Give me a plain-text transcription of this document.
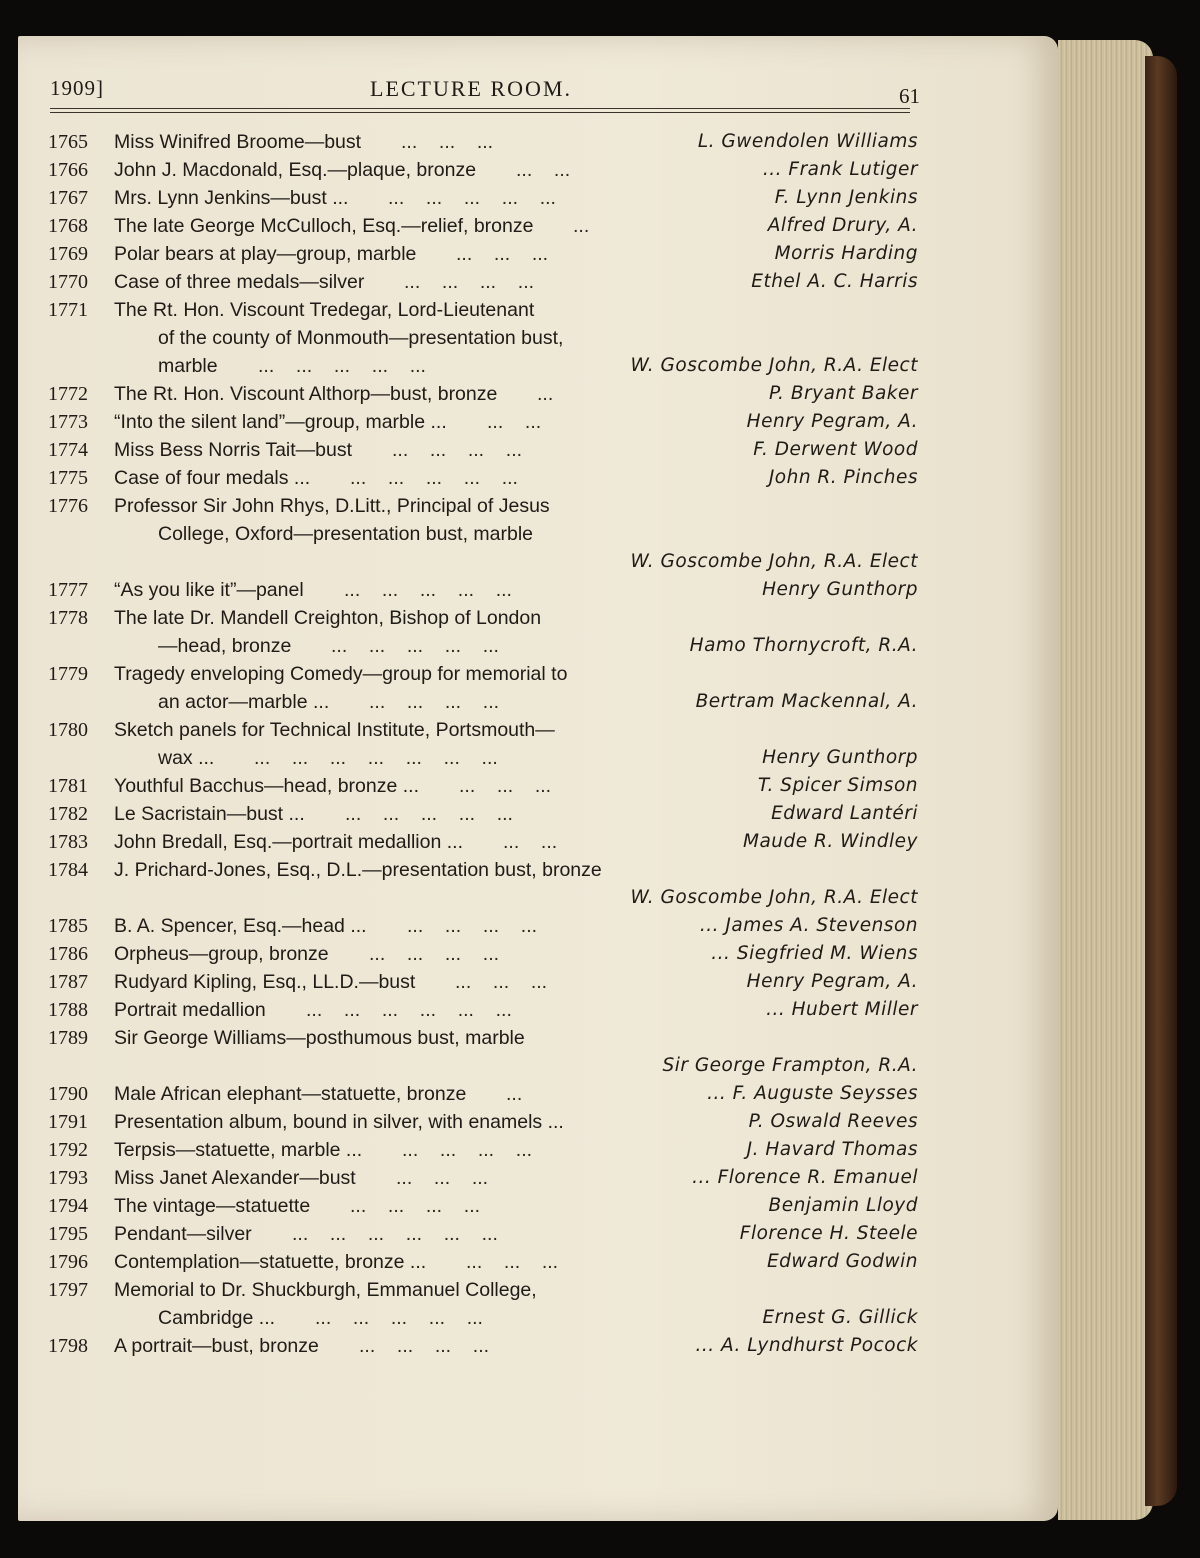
1909]	LECTURE ROOM.	61
1765	Miss Winifred Broome—bust ...    ...    ...	L. Gwendolen Williams
1766	John J. Macdonald, Esq.—plaque, bronze ...    ...	... Frank Lutiger
1767	Mrs. Lynn Jenkins—bust ... ...    ...    ...    ...    ...	F. Lynn Jenkins
1768	The late George McCulloch, Esq.—relief, bronze ...	Alfred Drury, A.
1769	Polar bears at play—group, marble ...    ...    ...	Morris Harding
1770	Case of three medals—silver ...    ...    ...    ...	Ethel A. C. Harris
1771	The Rt. Hon. Viscount Tredegar, Lord-Lieutenant
of the county of Monmouth—presentation bust,
marble ...    ...    ...    ...    ...	W. Goscombe John, R.A. Elect
1772	The Rt. Hon. Viscount Althorp—bust, bronze ...	P. Bryant Baker
1773	“Into the silent land”—group, marble ... ...    ...	Henry Pegram, A.
1774	Miss Bess Norris Tait—bust ...    ...    ...    ...	F. Derwent Wood
1775	Case of four medals ... ...    ...    ...    ...    ...	John R. Pinches
1776	Professor Sir John Rhys, D.Litt., Principal of Jesus
College, Oxford—presentation bust, marble
W. Goscombe John, R.A. Elect
1777	“As you like it”—panel ...    ...    ...    ...    ...	Henry Gunthorp
1778	The late Dr. Mandell Creighton, Bishop of London
—head, bronze ...    ...    ...    ...    ...	Hamo Thornycroft, R.A.
1779	Tragedy enveloping Comedy—group for memorial to
an actor—marble ... ...    ...    ...    ...	Bertram Mackennal, A.
1780	Sketch panels for Technical Institute, Portsmouth—
wax ... ...    ...    ...    ...    ...    ...    ...	Henry Gunthorp
1781	Youthful Bacchus—head, bronze ... ...    ...    ...	T. Spicer Simson
1782	Le Sacristain—bust ... ...    ...    ...    ...    ...	Edward Lantéri
1783	John Bredall, Esq.—portrait medallion ... ...    ...	Maude R. Windley
1784	J. Prichard-Jones, Esq., D.L.—presentation bust, bronze
W. Goscombe John, R.A. Elect
1785	B. A. Spencer, Esq.—head ... ...    ...    ...    ...	... James A. Stevenson
1786	Orpheus—group, bronze ...    ...    ...    ...	... Siegfried M. Wiens
1787	Rudyard Kipling, Esq., LL.D.—bust ...    ...    ...	Henry Pegram, A.
1788	Portrait medallion ...    ...    ...    ...    ...    ...	... Hubert Miller
1789	Sir George Williams—posthumous bust, marble
Sir George Frampton, R.A.
1790	Male African elephant—statuette, bronze ...	... F. Auguste Seysses
1791	Presentation album, bound in silver, with enamels ...	P. Oswald Reeves
1792	Terpsis—statuette, marble ... ...    ...    ...    ...	J. Havard Thomas
1793	Miss Janet Alexander—bust ...    ...    ...	... Florence R. Emanuel
1794	The vintage—statuette ...    ...    ...    ...	Benjamin Lloyd
1795	Pendant—silver ...    ...    ...    ...    ...    ...	Florence H. Steele
1796	Contemplation—statuette, bronze ... ...    ...    ...	Edward Godwin
1797	Memorial to Dr. Shuckburgh, Emmanuel College,
Cambridge ... ...    ...    ...    ...    ...	Ernest G. Gillick
1798	A portrait—bust, bronze ...    ...    ...    ...	... A. Lyndhurst Pocock
